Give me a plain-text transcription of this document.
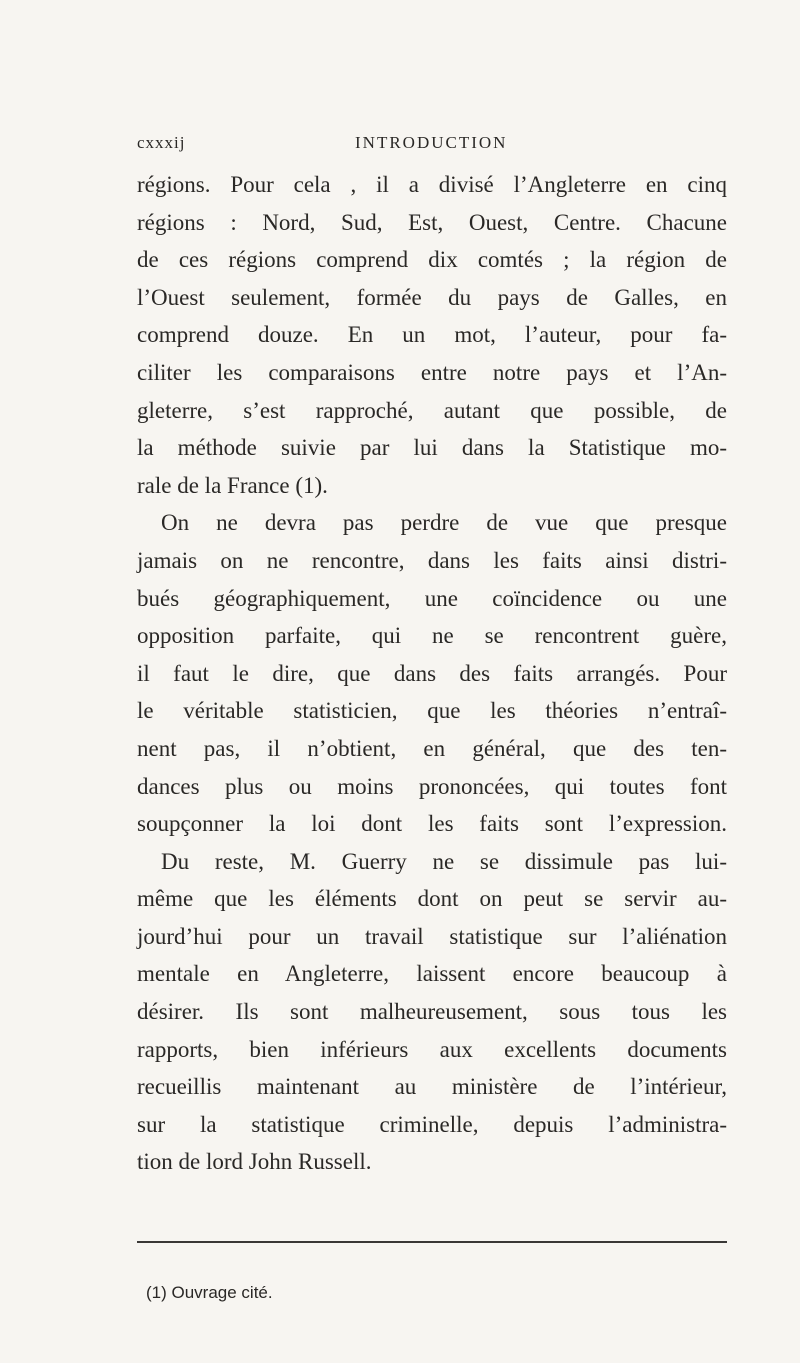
cxxxij	INTRODUCTION
régions. Pour cela , il a divisé l’Angleterre en cinq
régions : Nord, Sud, Est, Ouest, Centre. Chacune
de ces régions comprend dix comtés ; la région de
l’Ouest seulement, formée du pays de Galles, en
comprend douze. En un mot, l’auteur, pour fa-
ciliter les comparaisons entre notre pays et l’An-
gleterre, s’est rapproché, autant que possible, de
la méthode suivie par lui dans la Statistique mo-
rale de la France (1).
On ne devra pas perdre de vue que presque
jamais on ne rencontre, dans les faits ainsi distri-
bués géographiquement, une coïncidence ou une
opposition parfaite, qui ne se rencontrent guère,
il faut le dire, que dans des faits arrangés. Pour
le véritable statisticien, que les théories n’entraî-
nent pas, il n’obtient, en général, que des ten-
dances plus ou moins prononcées, qui toutes font
soupçonner la loi dont les faits sont l’expression.
Du reste, M. Guerry ne se dissimule pas lui-
même que les éléments dont on peut se servir au-
jourd’hui pour un travail statistique sur l’aliénation
mentale en Angleterre, laissent encore beaucoup à
désirer. Ils sont malheureusement, sous tous les
rapports, bien inférieurs aux excellents documents
recueillis maintenant au ministère de l’intérieur,
sur la statistique criminelle, depuis l’administra-
tion de lord John Russell.
(1) Ouvrage cité.
